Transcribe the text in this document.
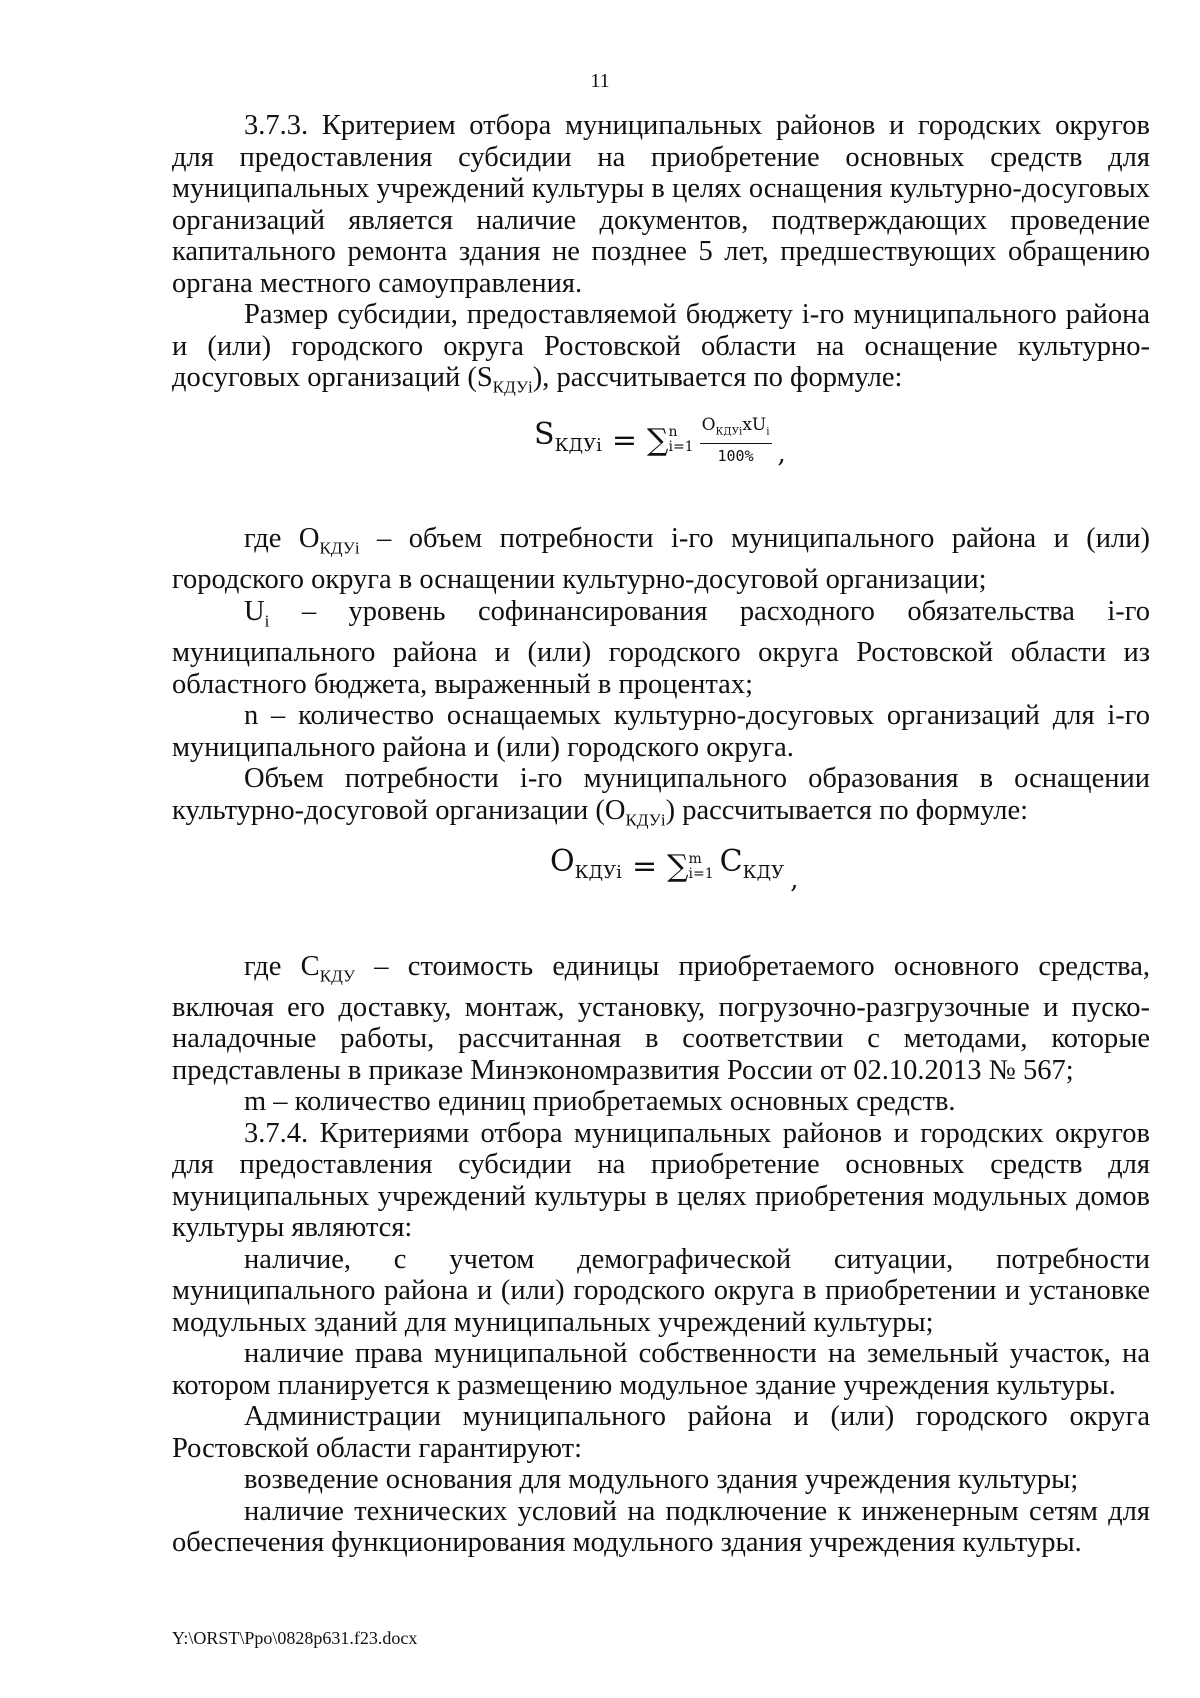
11

3.7.3. Критерием отбора муниципальных районов и городских округов для предоставления субсидии на приобретение основных средств для муниципальных учреждений культуры в целях оснащения культурно-досуговых организаций является наличие документов, подтверждающих проведение капитального ремонта здания не позднее 5 лет, предшествующих обращению органа местного самоуправления.

Размер субсидии, предоставляемой бюджету i-го муниципального района и (или) городского округа Ростовской области на оснащение культурно-досуговых организаций $(S_{КДУi})$, рассчитывается по формуле:

$S_{КДУi}$ = ∑ n
$i=1 \frac{O_{КДУi}xU_i}{100\%}$ ,

где $O_{КДУi}$ – объем потребности i-го муниципального района и (или) городского округа в оснащении культурно-досуговой организации;

$U_i$ – уровень софинансирования расходного обязательства i-го муниципального района и (или) городского округа Ростовской области из областного бюджета, выраженный в процентах;

n – количество оснащаемых культурно-досуговых организаций для i-го муниципального района и (или) городского округа.

Объем потребности i-го муниципального образования в оснащении культурно-досуговой организации $(O_{КДУi})$ рассчитывается по формуле:

$O_{КДУi}$ = ∑ m
i=1 $C_{КДУ}$ ,

где $C_{КДУ}$ – стоимость единицы приобретаемого основного средства, включая его доставку, монтаж, установку, погрузочно-разгрузочные и пуско-наладочные работы, рассчитанная в соответствии с методами, которые представлены в приказе Минэкономразвития России от 02.10.2013 № 567;

m – количество единиц приобретаемых основных средств.

3.7.4. Критериями отбора муниципальных районов и городских округов для предоставления субсидии на приобретение основных средств для муниципальных учреждений культуры в целях приобретения модульных домов культуры являются:

наличие, с учетом демографической ситуации, потребности муниципального района и (или) городского округа в приобретении и установке модульных зданий для муниципальных учреждений культуры;

наличие права муниципальной собственности на земельный участок, на котором планируется к размещению модульное здание учреждения культуры.

Администрации муниципального района и (или) городского округа Ростовской области гарантируют:

возведение основания для модульного здания учреждения культуры;

наличие технических условий на подключение к инженерным сетям для обеспечения функционирования модульного здания учреждения культуры.

Y:\ORST\Ppo\0828p631.f23.docx
